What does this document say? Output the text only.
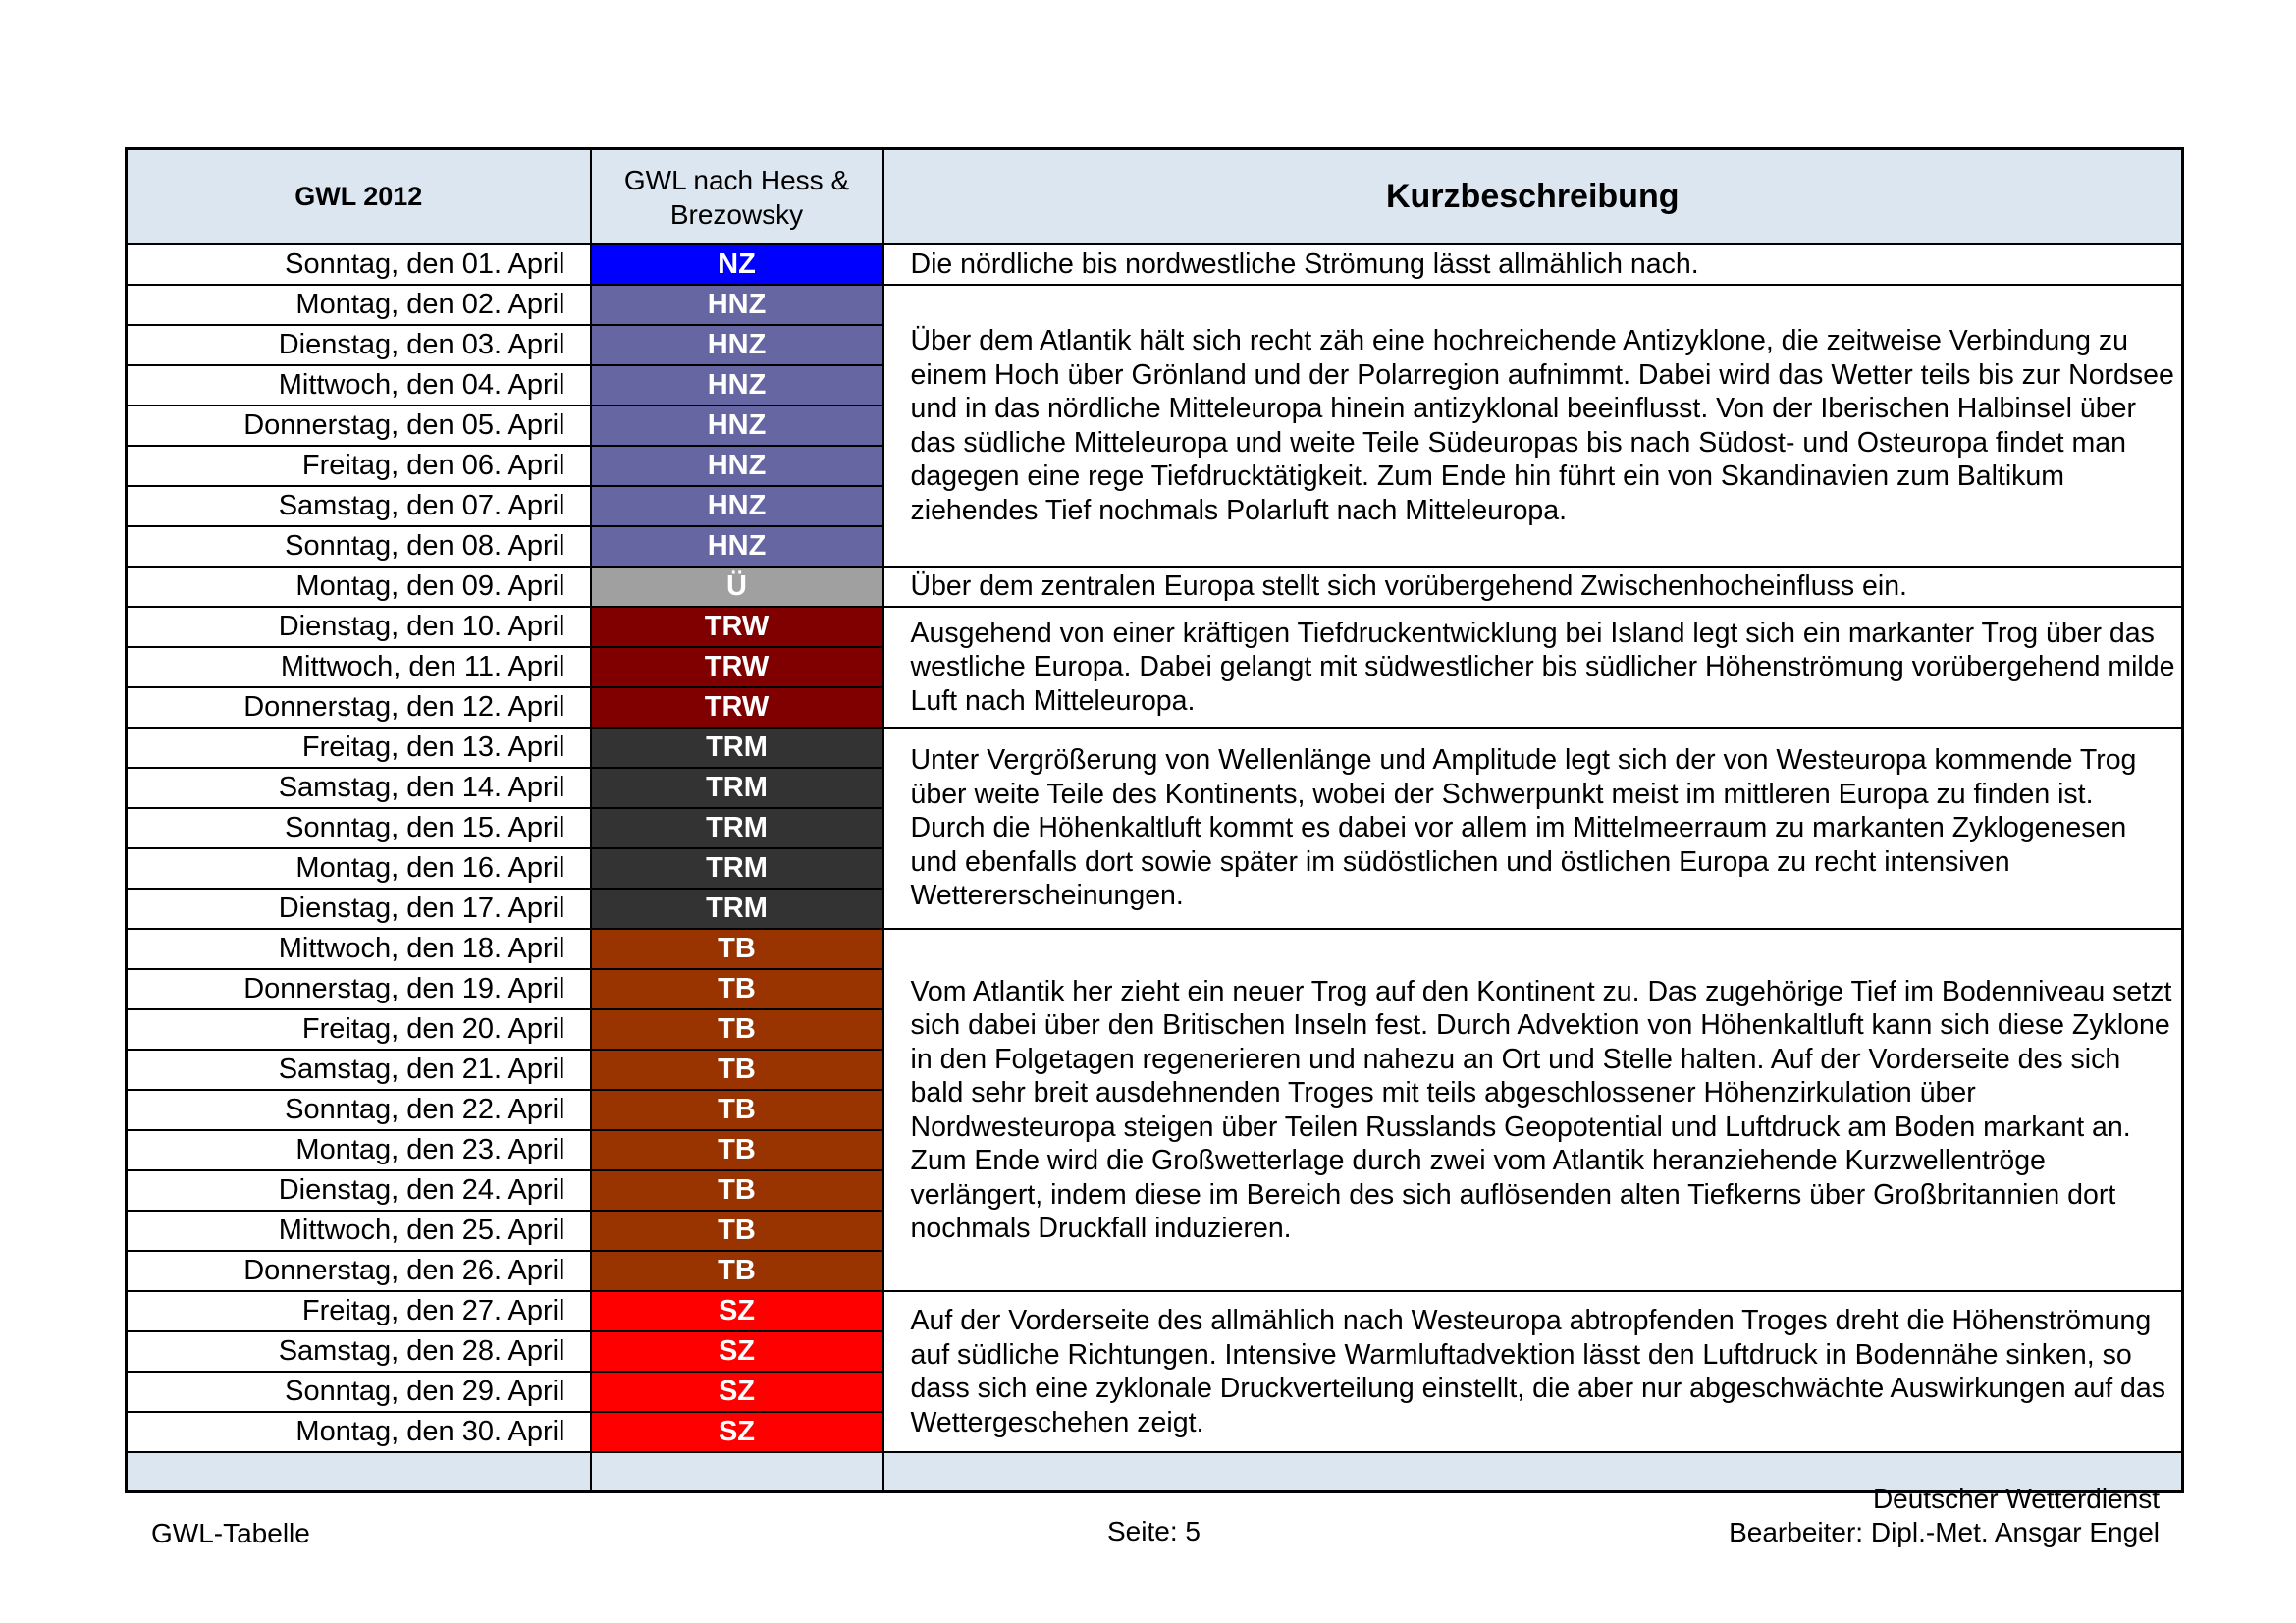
GWL 2012	GWL nach Hess & Brezowsky	Kurzbeschreibung
Sonntag, den 01. April	NZ	Die nördliche bis nordwestliche Strömung lässt allmählich nach.
Montag, den 02. April	HNZ	Über dem Atlantik hält sich recht zäh eine hochreichende Antizyklone, die zeitweise Verbindung zu einem Hoch über Grönland und der Polarregion aufnimmt. Dabei wird das Wetter teils bis zur Nordsee und in das nördliche Mitteleuropa hinein antizyklonal beeinflusst. Von der Iberischen Halbinsel über das südliche Mitteleuropa und weite Teile Südeuropas bis nach Südost- und Osteuropa findet man dagegen eine rege Tiefdrucktätigkeit. Zum Ende hin führt ein von Skandinavien zum Baltikum ziehendes Tief nochmals Polarluft nach Mitteleuropa.
Dienstag, den 03. April	HNZ	
Mittwoch, den 04. April	HNZ	
Donnerstag, den 05. April	HNZ	
Freitag, den 06. April	HNZ	
Samstag, den 07. April	HNZ	
Sonntag, den 08. April	HNZ	
Montag, den 09. April	Ü	Über dem zentralen Europa stellt sich vorübergehend Zwischenhocheinfluss ein.
Dienstag, den 10. April	TRW	Ausgehend von einer kräftigen Tiefdruckentwicklung bei Island legt sich ein markanter Trog über das westliche Europa. Dabei gelangt mit südwestlicher bis südlicher Höhenströmung vorübergehend milde Luft nach Mitteleuropa.
Mittwoch, den 11. April	TRW	
Donnerstag, den 12. April	TRW	
Freitag, den 13. April	TRM	Unter Vergrößerung von Wellenlänge und Amplitude legt sich der von Westeuropa kommende Trog über weite Teile des Kontinents, wobei der Schwerpunkt meist im mittleren Europa zu finden ist. Durch die Höhenkaltluft kommt es dabei vor allem im Mittelmeerraum zu markanten Zyklogenesen und ebenfalls dort sowie später im südöstlichen und östlichen Europa zu recht intensiven Wettererscheinungen.
Samstag, den 14. April	TRM	
Sonntag, den 15. April	TRM	
Montag, den 16. April	TRM	
Dienstag, den 17. April	TRM	
Mittwoch, den 18. April	TB	Vom Atlantik her zieht ein neuer Trog auf den Kontinent zu. Das zugehörige Tief im Bodenniveau setzt sich dabei über den Britischen Inseln fest. Durch Advektion von Höhenkaltluft kann sich diese Zyklone in den Folgetagen regenerieren und nahezu an Ort und Stelle halten. Auf der Vorderseite des sich bald sehr breit ausdehnenden Troges mit teils abgeschlossener Höhenzirkulation über Nordwesteuropa steigen über Teilen Russlands Geopotential und Luftdruck am Boden markant an. Zum Ende wird die Großwetterlage durch zwei vom Atlantik heranziehende Kurzwellentröge verlängert, indem diese im Bereich des sich auflösenden alten Tiefkerns über Großbritannien dort nochmals Druckfall induzieren.
Donnerstag, den 19. April	TB	
Freitag, den 20. April	TB	
Samstag, den 21. April	TB	
Sonntag, den 22. April	TB	
Montag, den 23. April	TB	
Dienstag, den 24. April	TB	
Mittwoch, den 25. April	TB	
Donnerstag, den 26. April	TB	
Freitag, den 27. April	SZ	Auf der Vorderseite des allmählich nach Westeuropa abtropfenden Troges dreht die Höhenströmung auf südliche Richtungen. Intensive Warmluftadvektion lässt den Luftdruck in Bodennähe sinken, so dass sich eine zyklonale Druckverteilung einstellt, die aber nur abgeschwächte Auswirkungen auf das Wettergeschehen zeigt.
Samstag, den 28. April	SZ	
Sonntag, den 29. April	SZ	
Montag, den 30. April	SZ	

GWL-Tabelle	Seite: 5
Deutscher Wetterdienst
Bearbeiter: Dipl.-Met. Ansgar Engel
